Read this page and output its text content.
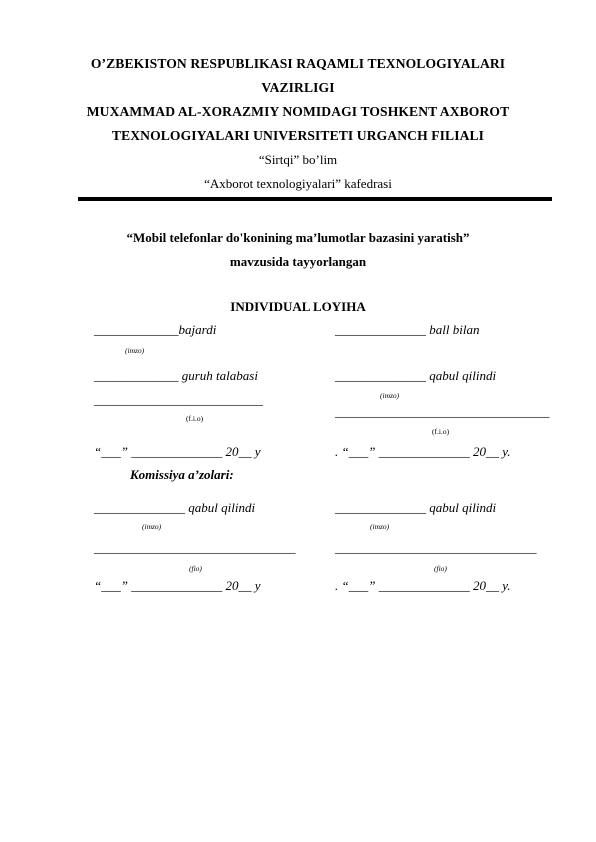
O’ZBEKISTON RESPUBLIKASI RAQAMLI TEXNOLOGIYALARI
VAZIRLIGI
MUXAMMAD AL-XORAZMIY NOMIDAGI TOSHKENT AXBOROT
TEXNOLOGIYALARI UNIVERSITETI URGANCH FILIALI
“Sirtqi” bo’lim
“Axborot texnologiyalari” kafedrasi
“Mobil telefonlar do'konining ma’lumotlar bazasini yaratish”
mavzusida tayyorlangan
INDIVIDUAL LOYIHA
_____________bajardi
(imzo)
_____________ guruh talabasi
__________________________
(f.i.o)
“___” ______________ 20__ y
Komissiya a’zolari:
______________ qabul qilindi
(imzo)
_______________________________
(fio)
“___” ______________ 20__ y
______________ ball bilan
______________ qabul qilindi
(imzo)
_________________________________
(f.i.o)
. “___” ______________ 20__ y.
______________ qabul qilindi
(imzo)
_______________________________
(fio)
. “___” ______________ 20__ y.
